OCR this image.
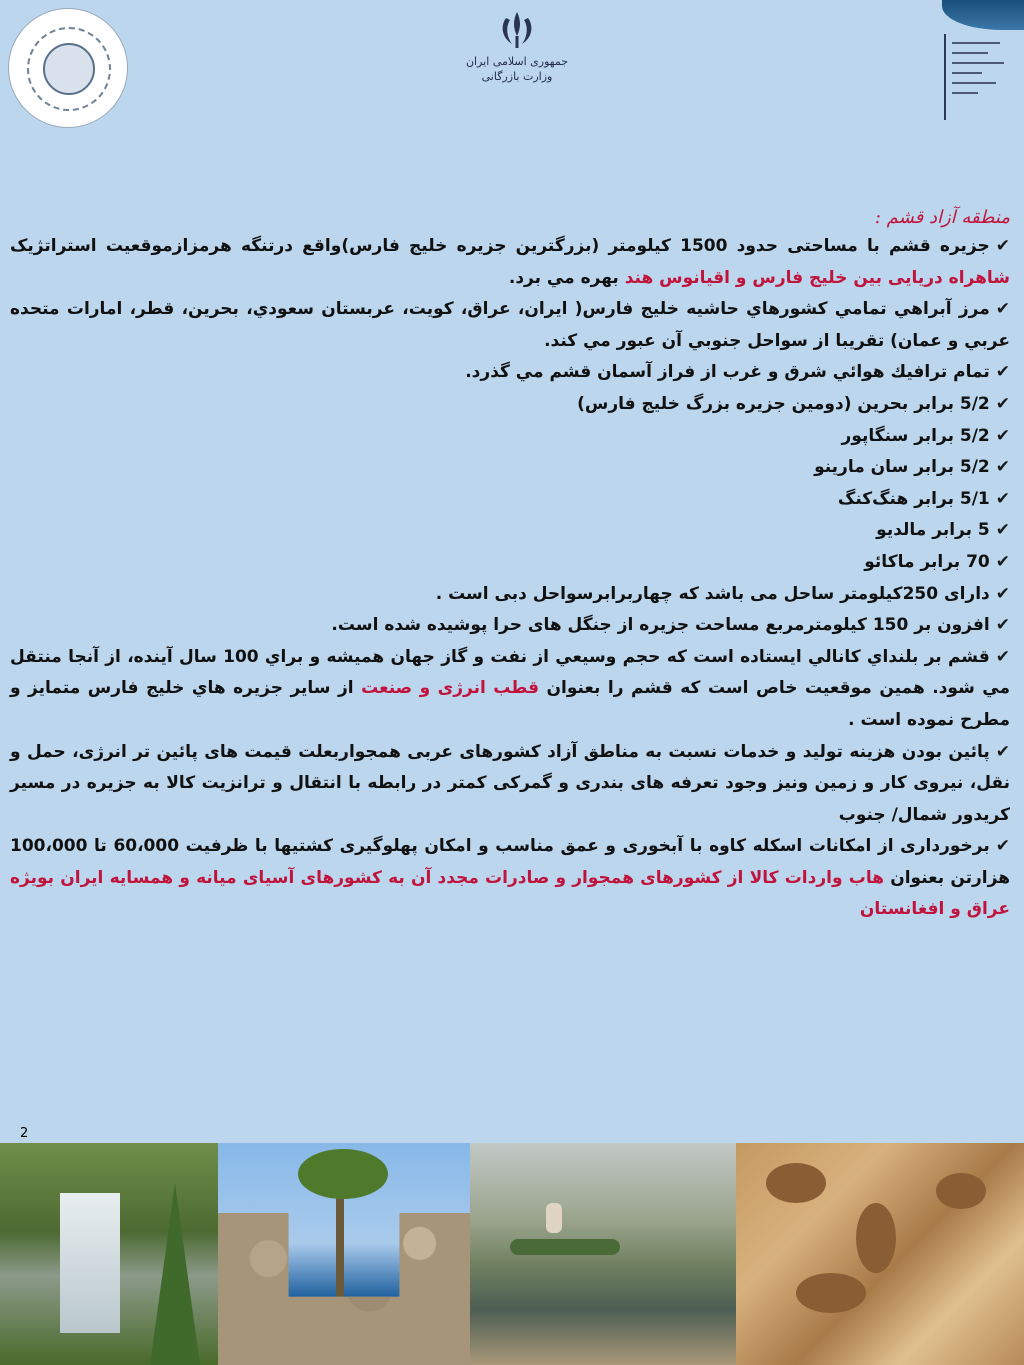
جمهوری اسلامی ایران
وزارت بازرگانی
منطقه آزاد قشم :

✔جزيره قشم با مساحتی حدود 1500 كيلومتر (بزرگترين جزيره خليج فارس)واقع درتنگه هرمزازموقعيت استراتژيک شاهراه دريايی بين خليج فارس و اقيانوس هند بهره مي برد.

✔مرز آبراهي تمامي كشورهاي حاشيه خليج فارس( ايران، عراق، كويت، عربستان سعودي، بحرين، قطر، امارات متحده عربي و عمان) تقريبا از سواحل جنوبي آن عبور مي كند.

✔تمام ترافيك هوائي شرق و غرب از فراز آسمان قشم مي گذرد.

✔5/2 برابر بحرين (دومين جزيره بزرگ خليج فارس)

✔5/2 برابر سنگاپور

✔5/2 برابر سان مارينو

✔5/1 برابر هنگ‌كنگ

✔5 برابر مالديو

✔70 برابر ماكائو

✔دارای 250كيلومتر ساحل می باشد كه چهاربرابرسواحل دبی است .

✔افزون بر 150 كيلومترمربع مساحت جزيره از جنگل های حرا پوشيده شده است.

✔قشم بر بلنداي كانالي ايستاده است كه حجم وسيعي از نفت و گاز جهان هميشه و براي 100 سال آينده، از آنجا منتقل مي شود. همين موقعيت خاص است كه قشم را بعنوان قطب انرژی و صنعت از ساير جزيره هاي خليج فارس متمايز و مطرح نموده است .

✔پائين بودن هزينه توليد و خدمات نسبت به مناطق آزاد كشورهای عربی همجواربعلت قيمت های پائين تر انرژی، حمل و نقل، نيروی كار و زمين ونيز وجود تعرفه های بندری و گمركی كمتر در رابطه با انتقال و ترانزيت كالا به جزيره در مسير كريدور شمال/ جنوب

✔برخورداری از امكانات اسكله كاوه با آبخوری و عمق مناسب و امكان پهلوگيری كشتيها با ظرفيت 60،000 تا 100،000 هزارتن بعنوان هاب واردات كالا از كشورهای همجوار و صادرات مجدد آن به كشورهای آسيای ميانه و همسايه ايران بويژه عراق و افغانستان

2
